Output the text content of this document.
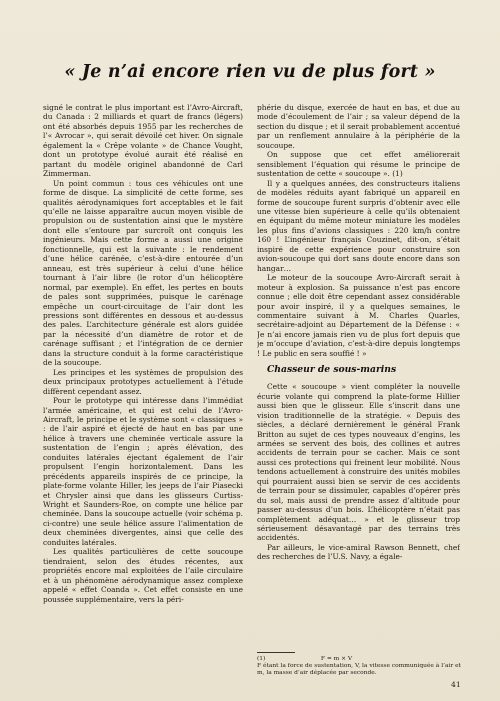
« Je n’ai encore rien vu de plus fort »

signé le contrat le plus important est l’Avro-Aircraft, du Canada : 2 milliards et quart de francs (légers) ont été absorbés depuis 1955 par les recherches de l’« Avrocar », qui serait dévoilé cet hiver. On signale également la « Crêpe volante » de Chance Vought, dont un prototype évolué aurait été réalisé en partant du modèle originel abandonné de Carl Zimmerman.

Un point commun : tous ces véhicules ont une forme de disque. La simplicité de cette forme, ses qualités aérodynamiques fort acceptables et le fait qu’elle ne laisse apparaître aucun moyen visible de propulsion ou de sustentation ainsi que le mystère dont elle s’entoure par surcroît ont conquis les ingénieurs. Mais cette forme a aussi une origine fonctionnelle, qui est la suivante : le rendement d’une hélice carénée, c’est-à-dire entourée d’un anneau, est très supérieur à celui d’une hélice tournant à l’air libre (le rotor d’un hélicoptère normal, par exemple). En effet, les pertes en bouts de pales sont supprimées, puisque le carénage empêche un court-circuitage de l’air dont les pressions sont différentes en dessous et au-dessus des pales. L’architecture générale est alors guidée par la nécessité d’un diamètre de rotor et de carénage suffisant ; et l’intégration de ce dernier dans la structure conduit à la forme caractéristique de la soucoupe.

Les principes et les systèmes de propulsion des deux principaux prototypes actuellement à l’étude diffèrent cependant assez.

Pour le prototype qui intéresse dans l’immédiat l’armée américaine, et qui est celui de l’Avro-Aircraft, le principe et le système sont « classiques » : de l’air aspiré et éjecté de haut en bas par une hélice à travers une cheminée verticale assure la sustentation de l’engin ; après élévation, des conduites latérales éjectant également de l’air propulsent l’engin horizontalement. Dans les précédents appareils inspirés de ce principe, la plate-forme volante Hiller, les jeeps de l’air Piasecki et Chrysler ainsi que dans les glisseurs Curtiss-Wright et Saunders-Roe, on compte une hélice par cheminée. Dans la soucoupe actuelle (voir schéma p. ci-contre) une seule hélice assure l’alimentation de deux cheminées divergentes, ainsi que celle des conduites latérales.

Les qualités particulières de cette soucoupe tiendraient, selon des études récentes, aux propriétés encore mal exploitées de l’aile circulaire et à un phénomène aérodynamique assez complexe appelé « effet Coanda ». Cet effet consiste en une poussée supplémentaire, vers la péri-

phérie du disque, exercée de haut en bas, et due au mode d’écoulement de l’air ; sa valeur dépend de la section du disque ; et il serait probablement accentué par un renflement annulaire à la périphérie de la soucoupe.

On suppose que cet effet améliorerait sensiblement l’équation qui résume le principe de sustentation de cette « soucoupe ». (1)

Il y a quelques années, des constructeurs italiens de modèles réduits ayant fabriqué un appareil en forme de soucoupe furent surpris d’obtenir avec elle une vitesse bien supérieure à celle qu’ils obtenaient en équipant du même moteur miniature les modèles les plus fins d’avions classiques : 220 km/h contre 160 ! L’ingénieur français Couzinet, dit-on, s’était inspiré de cette expérience pour construire son avion-soucoupe qui dort sans doute encore dans son hangar…

Le moteur de la soucoupe Avro-Aircraft serait à moteur à explosion. Sa puissance n’est pas encore connue ; elle doit être cependant assez considérable pour avoir inspiré, il y a quelques semaines, le commentaire suivant à M. Charles Quarles, secrétaire-adjoint au Département de la Défense : « Je n’ai encore jamais rien vu de plus fort depuis que je m’occupe d’aviation, c’est-à-dire depuis longtemps ! Le public en sera souffié ! »

Chasseur de sous-marins

Cette « soucoupe » vient compléter la nouvelle écurie volante qui comprend la plate-forme Hillier aussi bien que le glisseur. Elle s’inscrit dans une vision traditionnelle de la stratégie. « Depuis des siècles, a déclaré dernièrement le général Frank Britton au sujet de ces types nouveaux d’engins, les armées se servent des bois, des collines et autres accidents de terrain pour se cacher. Mais ce sont aussi ces protections qui freinent leur mobilité. Nous tendons actuellement à construire des unités mobiles qui pourraient aussi bien se servir de ces accidents de terrain pour se dissimuler, capables d’opérer près du sol, mais aussi de prendre assez d’altitude pour passer au-dessus d’un bois. L’hélicoptère n’était pas complètement adéquat… » et le glisseur trop sérieusement désavantagé par des terrains très accidentés.

Par ailleurs, le vice-amiral Rawson Bennett, chef des recherches de l’U.S. Navy, a égale-

(1)	F = m × V
F étant la force de sustentation, V, la vitesse communiquée à l’air et m, la masse d’air déplacée par seconde.
41
